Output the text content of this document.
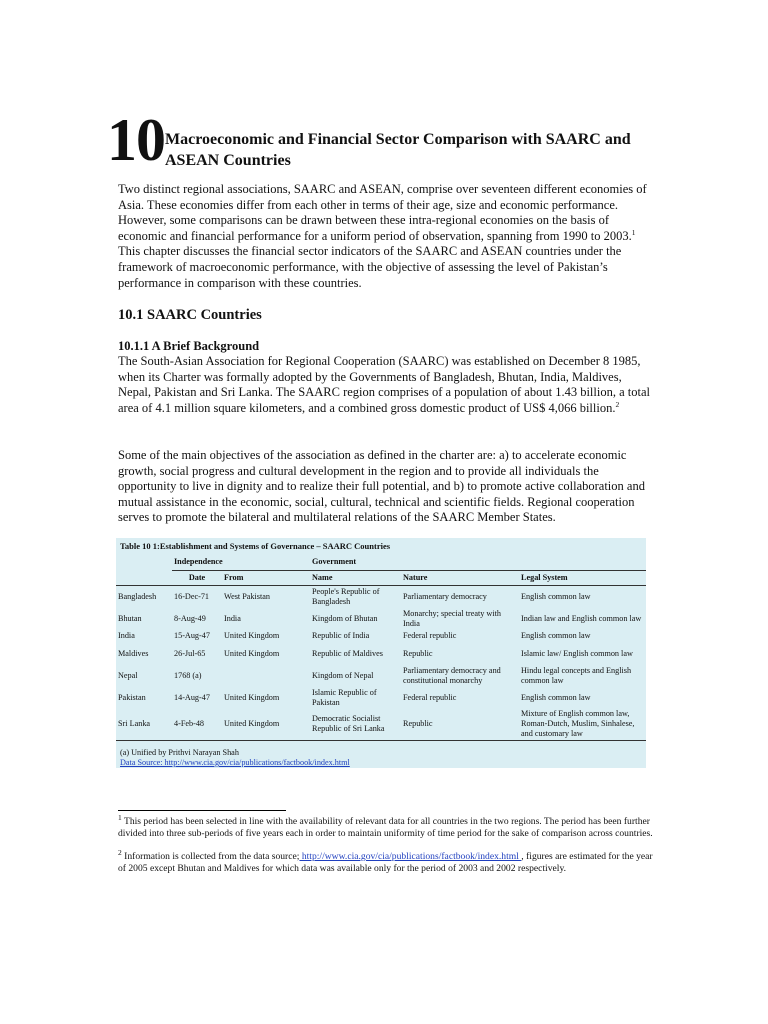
10 Macroeconomic and Financial Sector Comparison with SAARC and ASEAN Countries
Two distinct regional associations, SAARC and ASEAN, comprise over seventeen different economies of Asia. These economies differ from each other in terms of their age, size and economic performance. However, some comparisons can be drawn between these intra-regional economies on the basis of economic and financial performance for a uniform period of observation, spanning from 1990 to 2003.$^1$ This chapter discusses the financial sector indicators of the SAARC and ASEAN countries under the framework of macroeconomic performance, with the objective of assessing the level of Pakistan’s performance in comparison with these countries.
10.1 SAARC Countries
10.1.1 A Brief Background
The South-Asian Association for Regional Cooperation (SAARC) was established on December 8 1985, when its Charter was formally adopted by the Governments of Bangladesh, Bhutan, India, Maldives, Nepal, Pakistan and Sri Lanka. The SAARC region comprises of a population of about 1.43 billion, a total area of 4.1 million square kilometers, and a combined gross domestic product of US$ 4,066 billion.$^2$
Some of the main objectives of the association as defined in the charter are: a) to accelerate economic growth, social progress and cultural development in the region and to provide all individuals the opportunity to live in dignity and to realize their full potential, and b) to promote active collaboration and mutual assistance in the economic, social, cultural, technical and scientific fields. Regional cooperation serves to promote the bilateral and multilateral relations of the SAARC Member States.
Table 10 1:Establishment and Systems of Governance – SAARC Countries
	Independence		Government		
	Date	From	Name	Nature	Legal System
Bangladesh	16-Dec-71	West Pakistan	People's Republic of Bangladesh	Parliamentary democracy	English common law
Bhutan	8-Aug-49	India	Kingdom of Bhutan	Monarchy; special treaty with India	Indian law and English common law
India	15-Aug-47	United Kingdom	Republic of India	Federal republic	English common law
Maldives	26-Jul-65	United Kingdom	Republic of Maldives	Republic	Islamic law/ English common law
Nepal	1768 (a)		Kingdom of Nepal	Parliamentary democracy and constitutional monarchy	Hindu legal concepts and English common law
Pakistan	14-Aug-47	United Kingdom	Islamic Republic of Pakistan	Federal republic	English common law
Sri Lanka	4-Feb-48	United Kingdom	Democratic Socialist Republic of Sri Lanka	Republic	Mixture of English common law, Roman-Dutch, Muslim, Sinhalese, and customary law
(a) Unified by Prithvi Narayan Shah
Data Source: http://www.cia.gov/cia/publications/factbook/index.html
$^1$ This period has been selected in line with the availability of relevant data for all countries in the two regions. The period has been further divided into three sub-periods of five years each in order to maintain uniformity of time period for the sake of comparison across countries.
$^2$ Information is collected from the data source; http://www.cia.gov/cia/publications/factbook/index.html , figures are estimated for the year of 2005 except Bhutan and Maldives for which data was available only for the period of 2003 and 2002 respectively.
